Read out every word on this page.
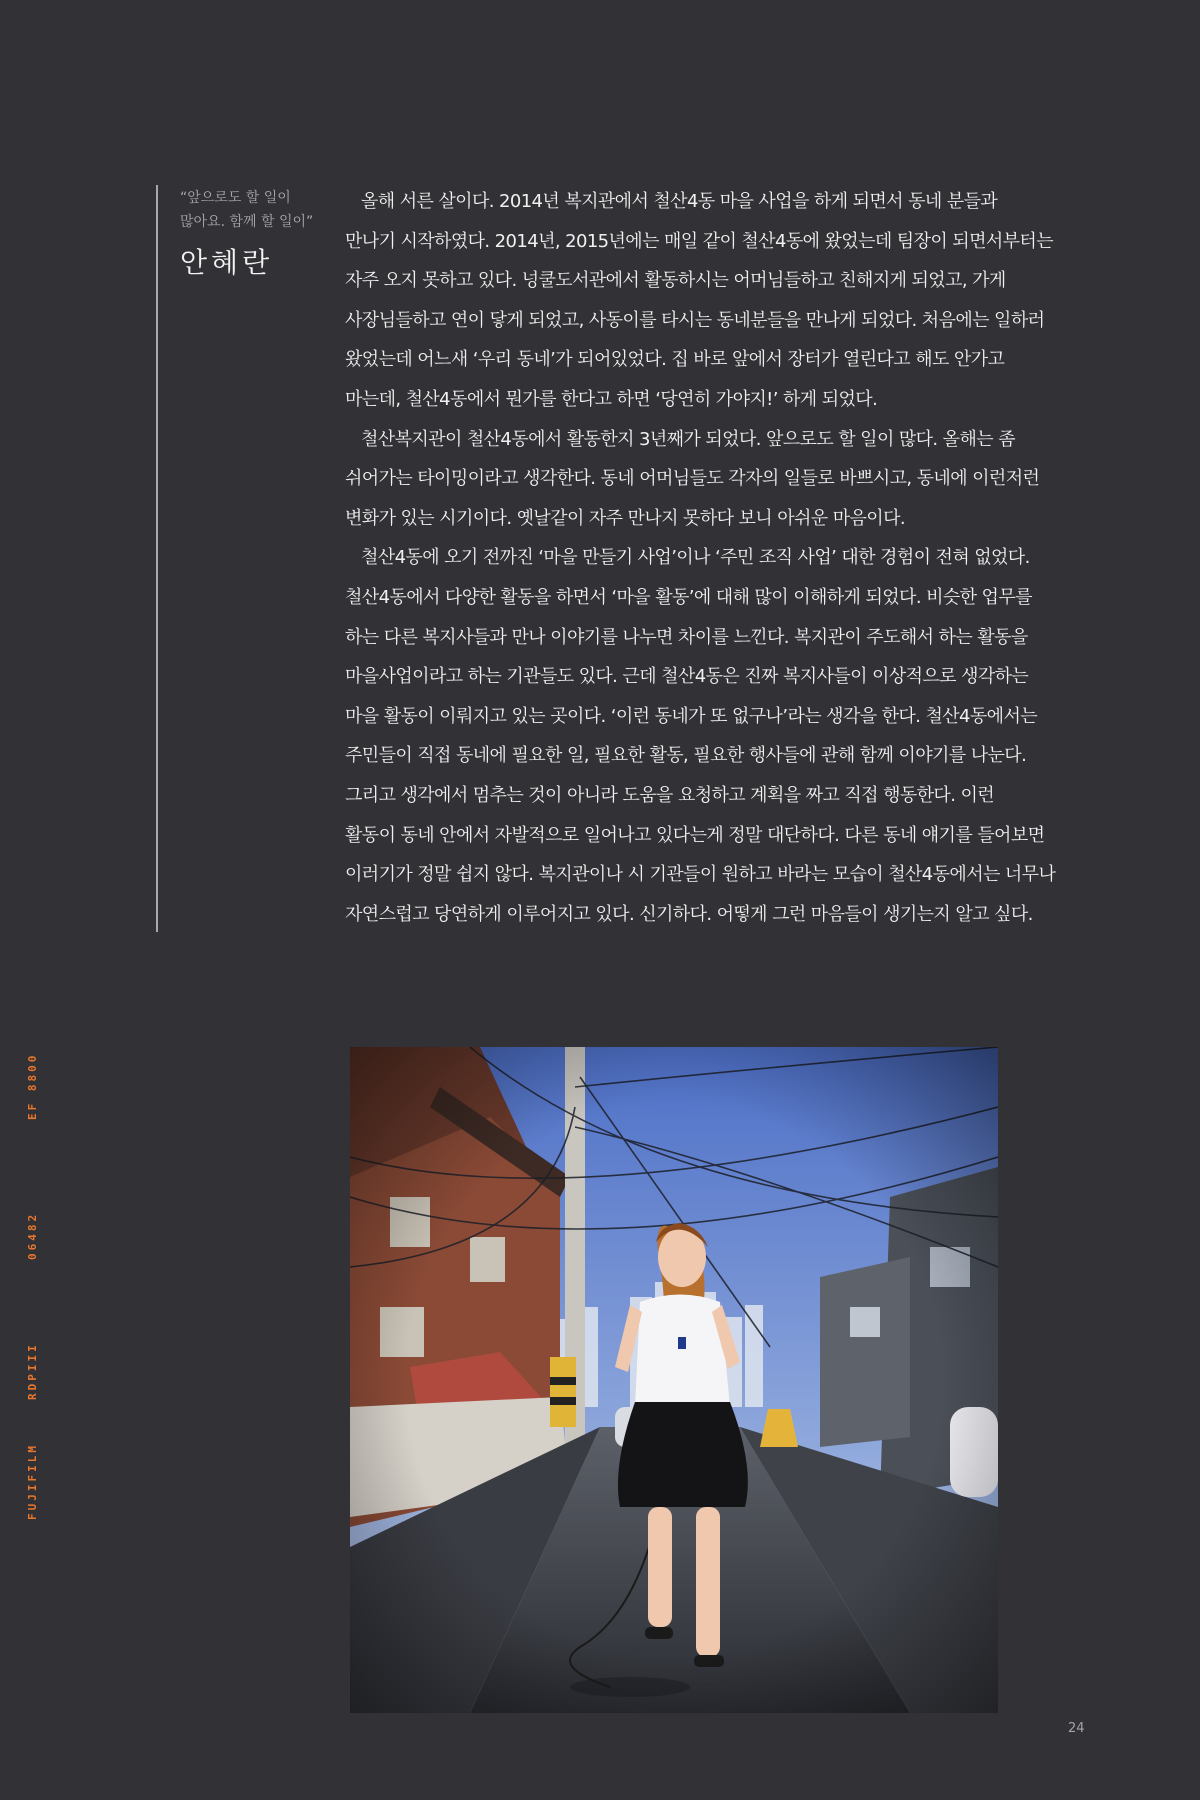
“앞으로도 할 일이
많아요. 함께 할 일이”
안혜란
올해 서른 살이다. 2014년 복지관에서 철산4동 마을 사업을 하게 되면서 동네 분들과
만나기 시작하였다. 2014년, 2015년에는 매일 같이 철산4동에 왔었는데 팀장이 되면서부터는
자주 오지 못하고 있다. 넝쿨도서관에서 활동하시는 어머님들하고 친해지게 되었고, 가게
사장님들하고 연이 닿게 되었고, 사동이를 타시는 동네분들을 만나게 되었다. 처음에는 일하러
왔었는데 어느새 ‘우리 동네’가 되어있었다. 집 바로 앞에서 장터가 열린다고 해도 안가고
마는데, 철산4동에서 뭔가를 한다고 하면 ‘당연히 가야지!’ 하게 되었다.
철산복지관이 철산4동에서 활동한지 3년째가 되었다. 앞으로도 할 일이 많다. 올해는 좀
쉬어가는 타이밍이라고 생각한다. 동네 어머님들도 각자의 일들로 바쁘시고, 동네에 이런저런
변화가 있는 시기이다. 옛날같이 자주 만나지 못하다 보니 아쉬운 마음이다.
철산4동에 오기 전까진 ‘마을 만들기 사업’이나 ‘주민 조직 사업’ 대한 경험이 전혀 없었다.
철산4동에서 다양한 활동을 하면서 ‘마을 활동’에 대해 많이 이해하게 되었다. 비슷한 업무를
하는 다른 복지사들과 만나 이야기를 나누면 차이를 느낀다. 복지관이 주도해서 하는 활동을
마을사업이라고 하는 기관들도 있다. 근데 철산4동은 진짜 복지사들이 이상적으로 생각하는
마을 활동이 이뤄지고 있는 곳이다. ‘이런 동네가 또 없구나’라는 생각을 한다. 철산4동에서는
주민들이 직접 동네에 필요한 일, 필요한 활동, 필요한 행사들에 관해 함께 이야기를 나눈다.
그리고 생각에서 멈추는 것이 아니라 도움을 요청하고 계획을 짜고 직접 행동한다. 이런
활동이 동네 안에서 자발적으로 일어나고 있다는게 정말 대단하다. 다른 동네 얘기를 들어보면
이러기가 정말 쉽지 않다. 복지관이나 시 기관들이 원하고 바라는 모습이 철산4동에서는 너무나
자연스럽고 당연하게 이루어지고 있다. 신기하다. 어떻게 그런 마음들이 생기는지 알고 싶다.
FUJIFILM
RDPIII
06482
EF 8800
24
